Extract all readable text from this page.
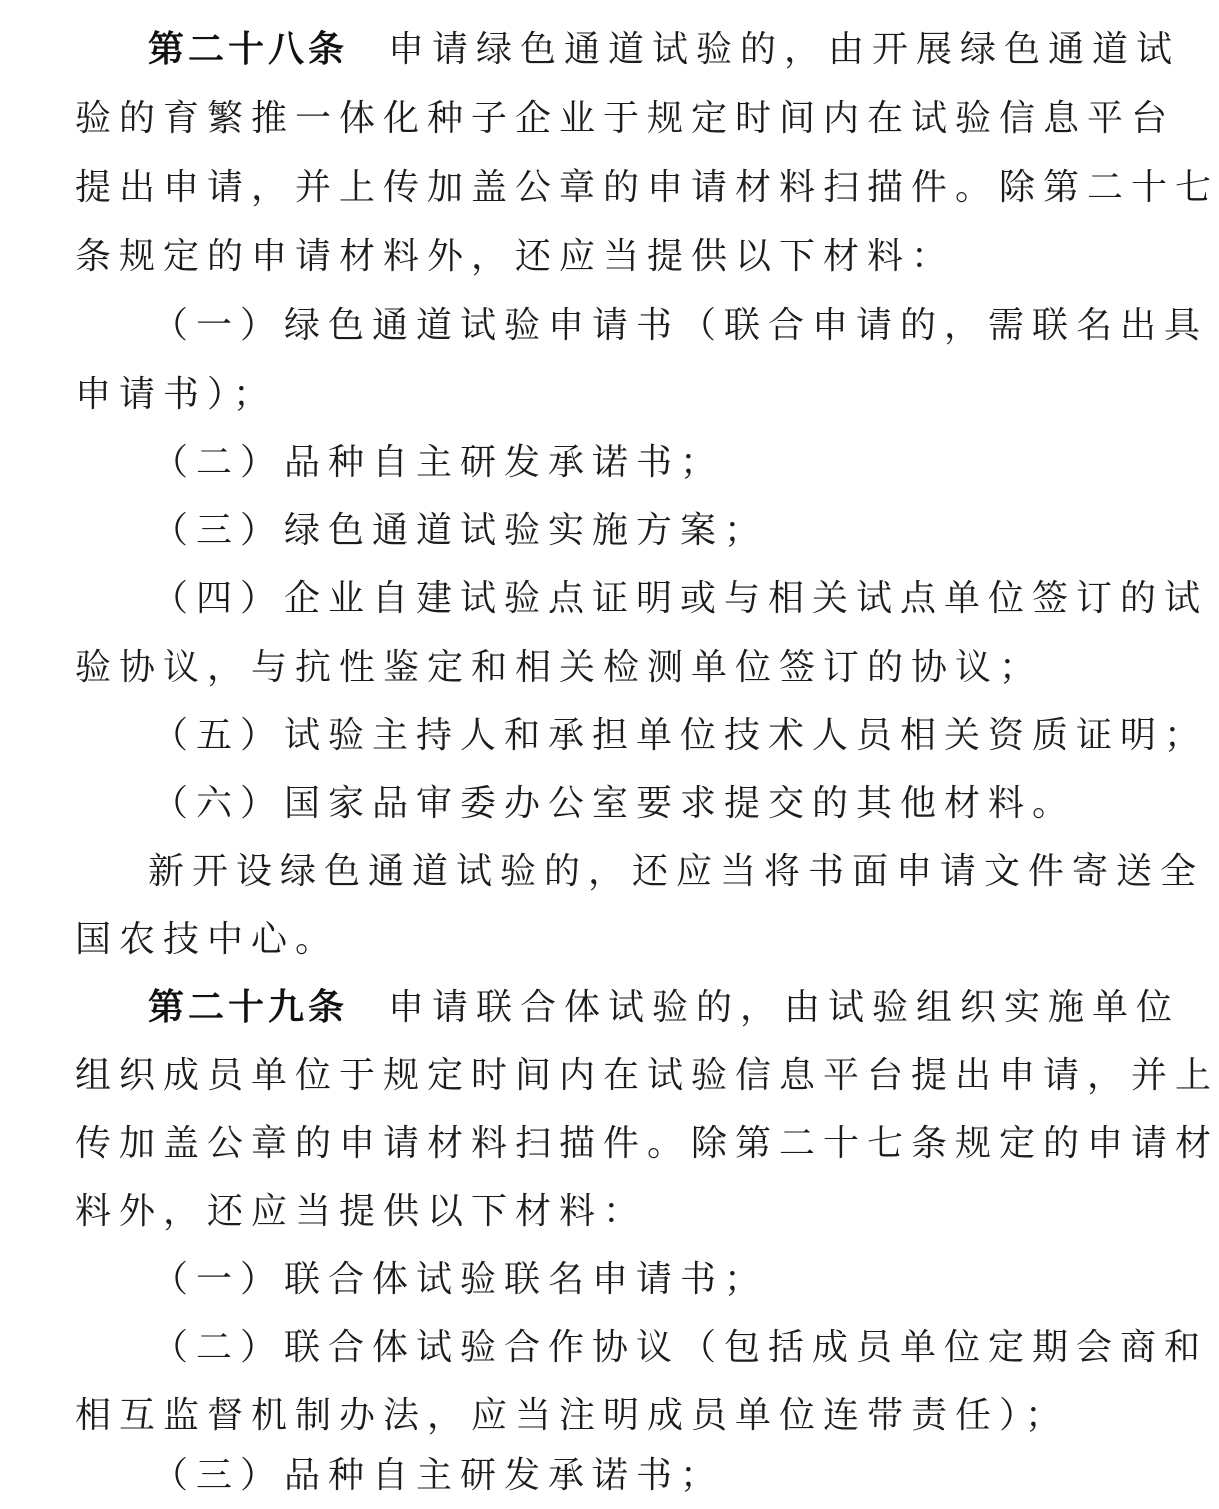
第二十八条 申请绿色通道试验的，由开展绿色通道试
验的育繁推一体化种子企业于规定时间内在试验信息平台
提出申请，并上传加盖公章的申请材料扫描件。除第二十七
条规定的申请材料外，还应当提供以下材料：
（一）绿色通道试验申请书（联合申请的，需联名出具
申请书）；
（二）品种自主研发承诺书；
（三）绿色通道试验实施方案；
（四）企业自建试验点证明或与相关试点单位签订的试
验协议，与抗性鉴定和相关检测单位签订的协议；
（五）试验主持人和承担单位技术人员相关资质证明；
（六）国家品审委办公室要求提交的其他材料。
新开设绿色通道试验的，还应当将书面申请文件寄送全
国农技中心。
第二十九条 申请联合体试验的，由试验组织实施单位
组织成员单位于规定时间内在试验信息平台提出申请，并上
传加盖公章的申请材料扫描件。除第二十七条规定的申请材
料外，还应当提供以下材料：
（一）联合体试验联名申请书；
（二）联合体试验合作协议（包括成员单位定期会商和
相互监督机制办法，应当注明成员单位连带责任）；
（三）品种自主研发承诺书；
